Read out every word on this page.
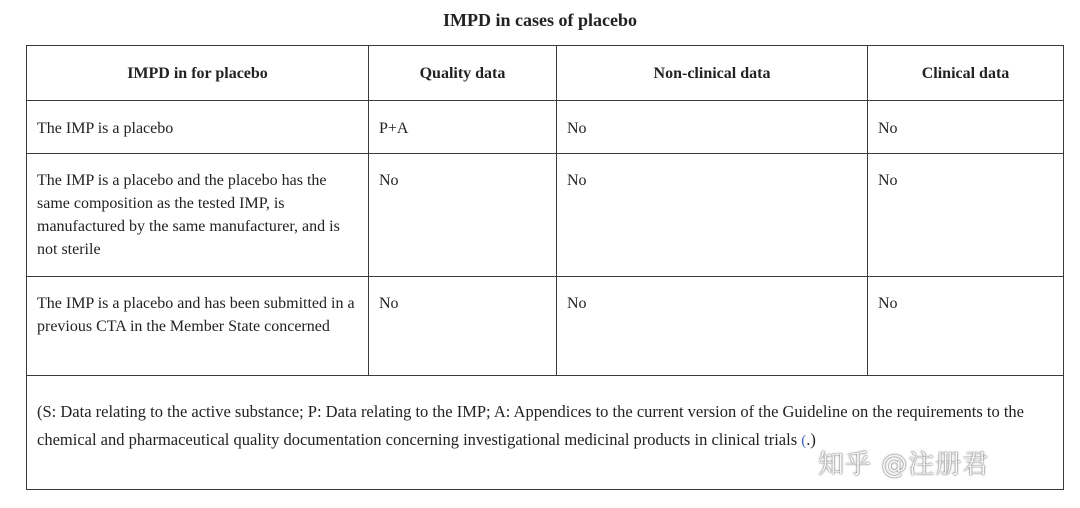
IMPD in cases of placebo
IMPD in for placebo	Quality data	Non-clinical data	Clinical data
The IMP is a placebo	P+A	No	No
The IMP is a placebo and the placebo has the same composition as the tested IMP, is manufactured by the same manufacturer, and is not sterile	No	No	No
The IMP is a placebo and has been submitted in a previous CTA in the Member State concerned	No	No	No
(S: Data relating to the active substance; P: Data relating to the IMP; A: Appendices to the current version of the Guideline on the requirements to the chemical and pharmaceutical quality documentation concerning investigational medicinal products in clinical trials (.)			
知乎 @注册君
